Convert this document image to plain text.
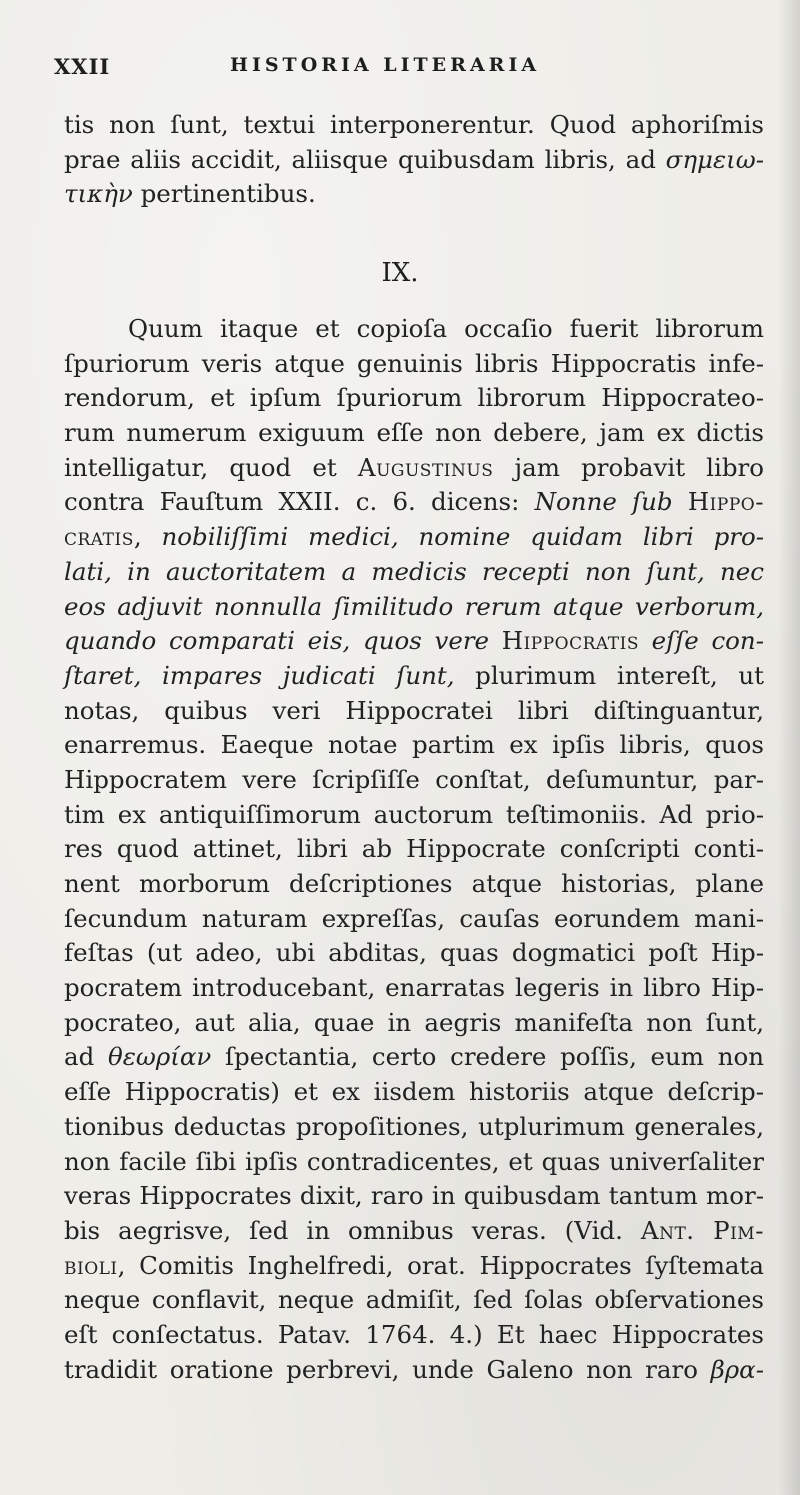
XXII	HISTORIA LITERARIA
tis non ſunt, textui interponerentur. Quod aphoriſmis
prae aliis accidit, aliisque quibusdam libris, ad σημειω-
τικὴν pertinentibus.
IX.
Quum itaque et copioſa occaſio fuerit librorum
ſpuriorum veris atque genuinis libris Hippocratis infe-
rendorum, et ipſum ſpuriorum librorum Hippocrateo-
rum numerum exiguum eſſe non debere, jam ex dictis
intelligatur, quod et Augustinus jam probavit libro
contra Fauſtum XXII. c. 6. dicens: Nonne ſub Hippo-
cratis, nobiliſſimi medici, nomine quidam libri pro-
lati, in auctoritatem a medicis recepti non ſunt, nec
eos adjuvit nonnulla ſimilitudo rerum atque verborum,
quando comparati eis, quos vere Hippocratis eſſe con-
ſtaret, impares judicati ſunt, plurimum intereſt, ut
notas, quibus veri Hippocratei libri diſtinguantur,
enarremus. Eaeque notae partim ex ipſis libris, quos
Hippocratem vere ſcripſiſſe conſtat, deſumuntur, par-
tim ex antiquiſſimorum auctorum teſtimoniis. Ad prio-
res quod attinet, libri ab Hippocrate conſcripti conti-
nent morborum deſcriptiones atque historias, plane
ſecundum naturam expreſſas, cauſas eorundem mani-
feſtas (ut adeo, ubi abditas, quas dogmatici poſt Hip-
pocratem introducebant, enarratas legeris in libro Hip-
pocrateo, aut alia, quae in aegris manifeſta non ſunt,
ad θεωρίαν ſpectantia, certo credere poſſis, eum non
eſſe Hippocratis) et ex iisdem historiis atque deſcrip-
tionibus deductas propoſitiones, utplurimum generales,
non facile ſibi ipſis contradicentes, et quas univerſaliter
veras Hippocrates dixit, raro in quibusdam tantum mor-
bis aegrisve, ſed in omnibus veras. (Vid. Ant. Pim-
bioli, Comitis Inghelfredi, orat. Hippocrates ſyſtemata
neque conflavit, neque admiſit, ſed ſolas obſervationes
eſt conſectatus. Patav. 1764. 4.) Et haec Hippocrates
tradidit oratione perbrevi, unde Galeno non raro βρα-
